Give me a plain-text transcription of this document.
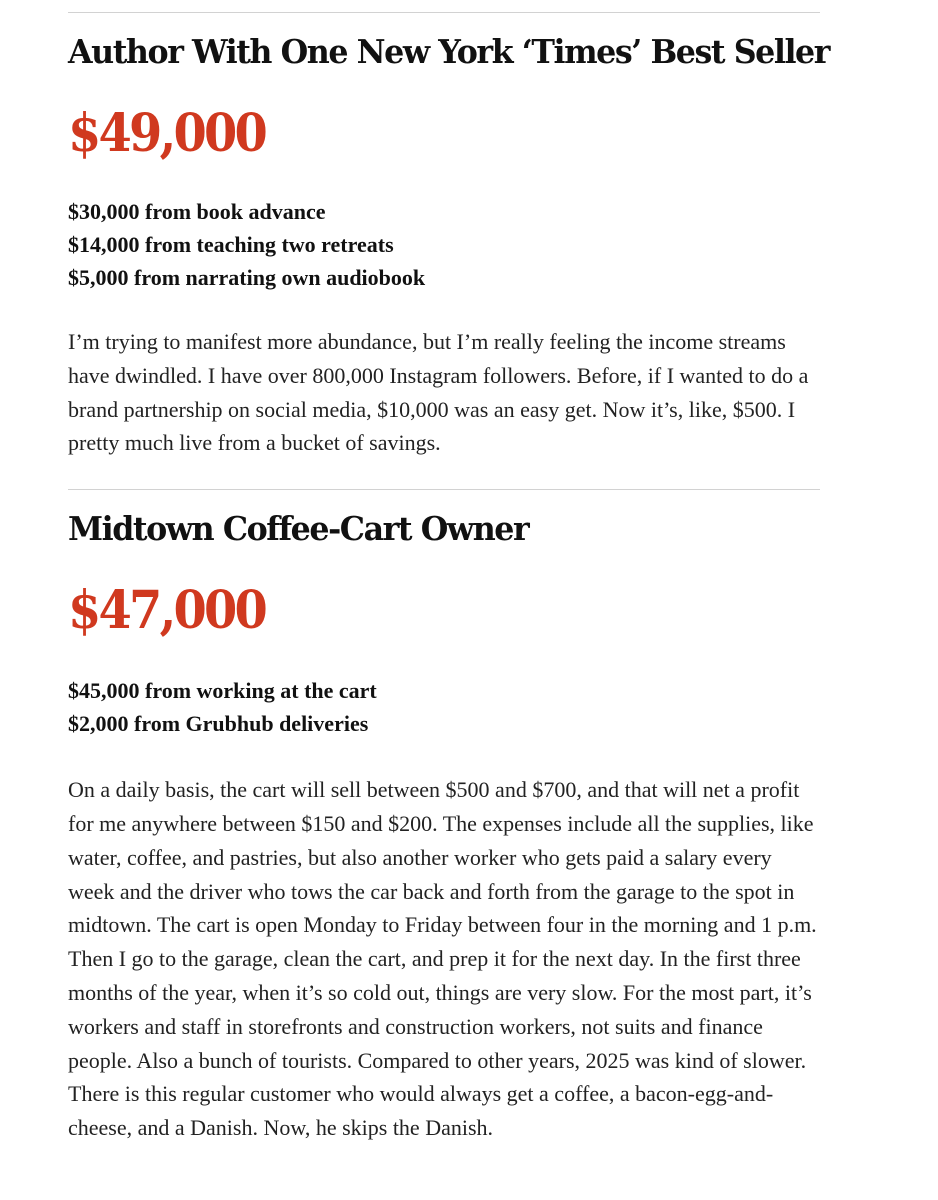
Author With One New York ‘Times’ Best Seller
$49,000
$30,000 from book advance
$14,000 from teaching two retreats
$5,000 from narrating own audiobook

I’m trying to manifest more abundance, but I’m really feeling the income streams have dwindled. I have over 800,000 Instagram followers. Before, if I wanted to do a brand partnership on social media, $10,000 was an easy get. Now it’s, like, $500. I pretty much live from a bucket of savings.

Midtown Coffee-Cart Owner
$47,000
$45,000 from working at the cart
$2,000 from Grubhub deliveries

On a daily basis, the cart will sell between $500 and $700, and that will net a profit for me anywhere between $150 and $200. The expenses include all the supplies, like water, coffee, and pastries, but also another worker who gets paid a salary every week and the driver who tows the car back and forth from the garage to the spot in midtown. The cart is open Monday to Friday between four in the morning and 1 p.m. Then I go to the garage, clean the cart, and prep it for the next day. In the first three months of the year, when it’s so cold out, things are very slow. For the most part, it’s workers and staff in storefronts and construction workers, not suits and finance people. Also a bunch of tourists. Compared to other years, 2025 was kind of slower. There is this regular customer who would always get a coffee, a bacon-egg-and-cheese, and a Danish. Now, he skips the Danish.
